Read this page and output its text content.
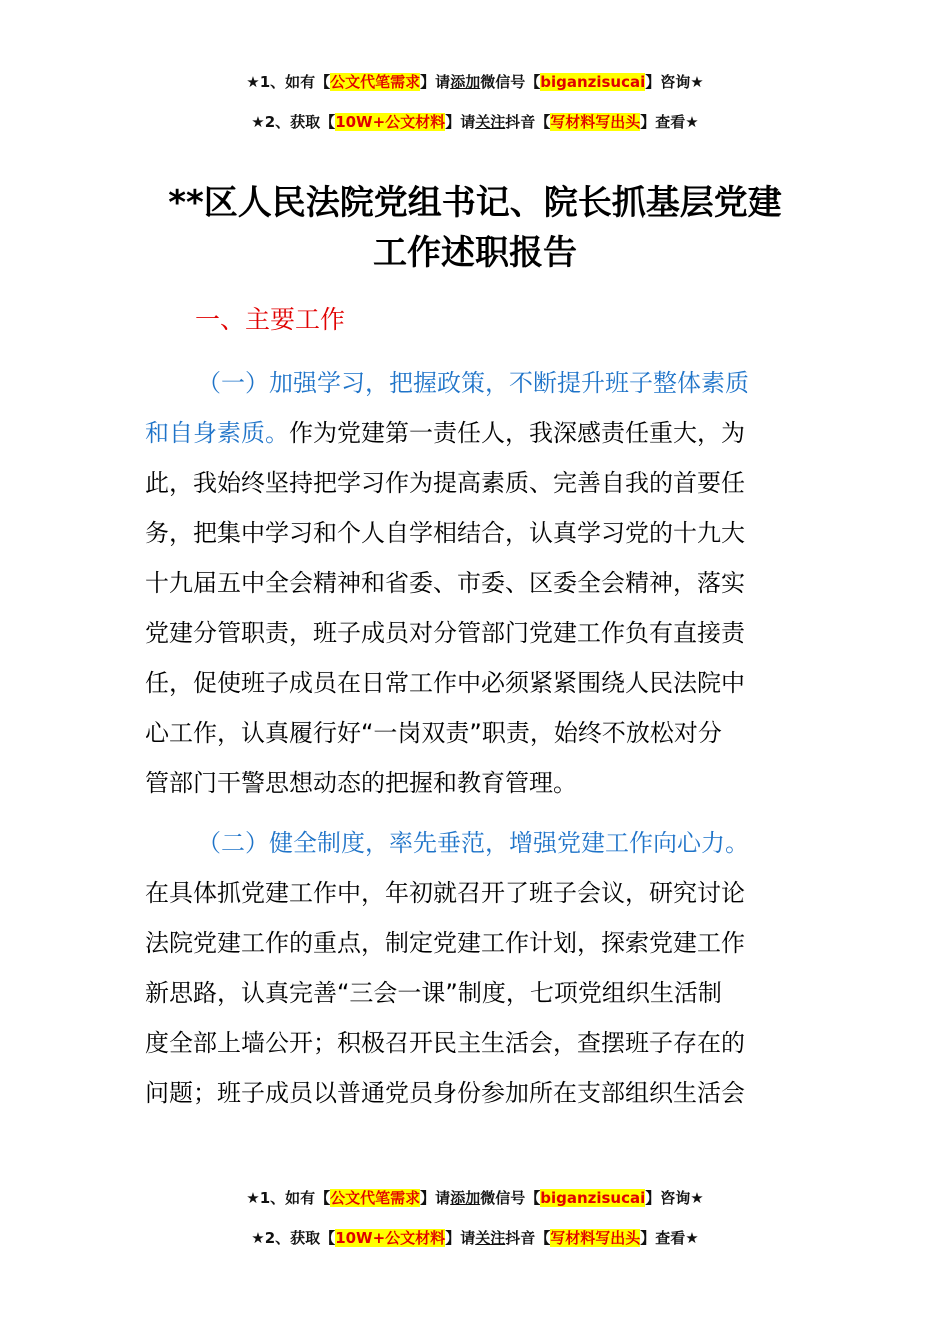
★1、如有【公文代笔需求】请添加微信号【biganzisucai】咨询★
★2、获取【10W+公文材料】请关注抖音【写材料写出头】查看★
**区人民法院党组书记、院长抓基层党建
工作述职报告
一、主要工作
（一）加强学习，把握政策，不断提升班子整体素质
和自身素质。作为党建第一责任人，我深感责任重大，为
此，我始终坚持把学习作为提高素质、完善自我的首要任
务，把集中学习和个人自学相结合，认真学习党的十九大
十九届五中全会精神和省委、市委、区委全会精神，落实
党建分管职责，班子成员对分管部门党建工作负有直接责
任，促使班子成员在日常工作中必须紧紧围绕人民法院中
心工作，认真履行好“一岗双责”职责，始终不放松对分
管部门干警思想动态的把握和教育管理。
（二）健全制度，率先垂范，增强党建工作向心力。
在具体抓党建工作中，年初就召开了班子会议，研究讨论
法院党建工作的重点，制定党建工作计划，探索党建工作
新思路，认真完善“三会一课”制度，七项党组织生活制
度全部上墙公开；积极召开民主生活会，查摆班子存在的
问题；班子成员以普通党员身份参加所在支部组织生活会
★1、如有【公文代笔需求】请添加微信号【biganzisucai】咨询★
★2、获取【10W+公文材料】请关注抖音【写材料写出头】查看★
